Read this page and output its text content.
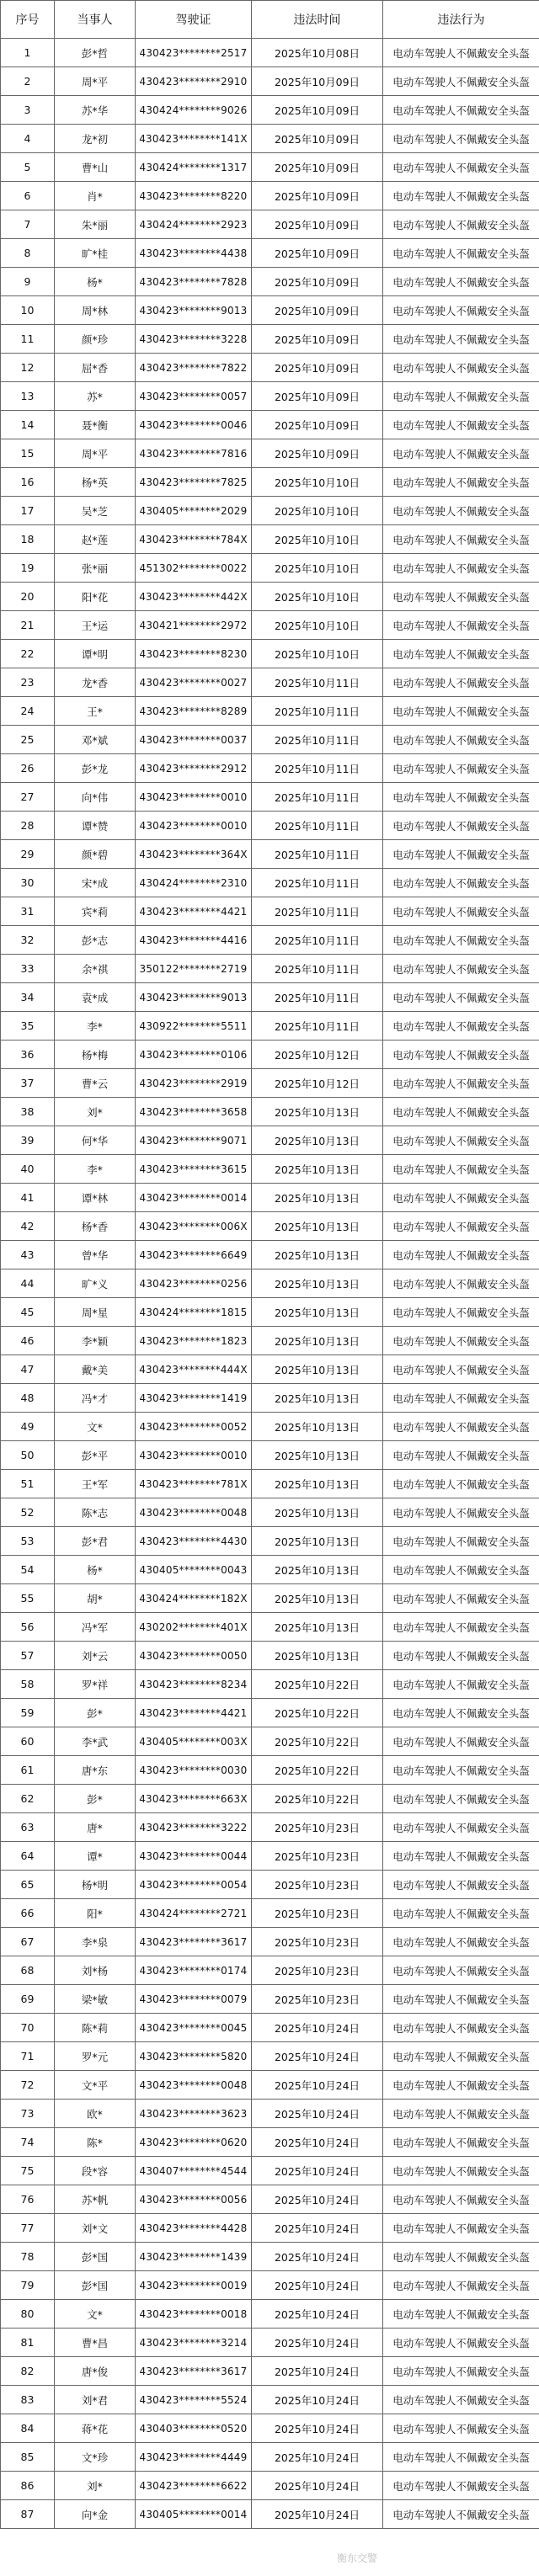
序号	当事人	驾驶证	违法时间	违法行为
1	彭*哲	430423********2517	2025年10月08日	电动车驾驶人不佩戴安全头盔
2	周*平	430423********2910	2025年10月09日	电动车驾驶人不佩戴安全头盔
3	苏*华	430424********9026	2025年10月09日	电动车驾驶人不佩戴安全头盔
4	龙*初	430423********141X	2025年10月09日	电动车驾驶人不佩戴安全头盔
5	曹*山	430424********1317	2025年10月09日	电动车驾驶人不佩戴安全头盔
6	肖*	430423********8220	2025年10月09日	电动车驾驶人不佩戴安全头盔
7	朱*丽	430424********2923	2025年10月09日	电动车驾驶人不佩戴安全头盔
8	旷*桂	430423********4438	2025年10月09日	电动车驾驶人不佩戴安全头盔
9	杨*	430423********7828	2025年10月09日	电动车驾驶人不佩戴安全头盔
10	周*林	430423********9013	2025年10月09日	电动车驾驶人不佩戴安全头盔
11	颜*珍	430423********3228	2025年10月09日	电动车驾驶人不佩戴安全头盔
12	屈*香	430423********7822	2025年10月09日	电动车驾驶人不佩戴安全头盔
13	苏*	430423********0057	2025年10月09日	电动车驾驶人不佩戴安全头盔
14	聂*衡	430423********0046	2025年10月09日	电动车驾驶人不佩戴安全头盔
15	周*平	430423********7816	2025年10月09日	电动车驾驶人不佩戴安全头盔
16	杨*英	430423********7825	2025年10月10日	电动车驾驶人不佩戴安全头盔
17	吴*芝	430405********2029	2025年10月10日	电动车驾驶人不佩戴安全头盔
18	赵*莲	430423********784X	2025年10月10日	电动车驾驶人不佩戴安全头盔
19	张*丽	451302********0022	2025年10月10日	电动车驾驶人不佩戴安全头盔
20	阳*花	430423********442X	2025年10月10日	电动车驾驶人不佩戴安全头盔
21	王*运	430421********2972	2025年10月10日	电动车驾驶人不佩戴安全头盔
22	谭*明	430423********8230	2025年10月10日	电动车驾驶人不佩戴安全头盔
23	龙*香	430423********0027	2025年10月11日	电动车驾驶人不佩戴安全头盔
24	王*	430423********8289	2025年10月11日	电动车驾驶人不佩戴安全头盔
25	邓*斌	430423********0037	2025年10月11日	电动车驾驶人不佩戴安全头盔
26	彭*龙	430423********2912	2025年10月11日	电动车驾驶人不佩戴安全头盔
27	向*伟	430423********0010	2025年10月11日	电动车驾驶人不佩戴安全头盔
28	谭*赞	430423********0010	2025年10月11日	电动车驾驶人不佩戴安全头盔
29	颜*碧	430423********364X	2025年10月11日	电动车驾驶人不佩戴安全头盔
30	宋*成	430424********2310	2025年10月11日	电动车驾驶人不佩戴安全头盔
31	宾*莉	430423********4421	2025年10月11日	电动车驾驶人不佩戴安全头盔
32	彭*志	430423********4416	2025年10月11日	电动车驾驶人不佩戴安全头盔
33	余*祺	350122********2719	2025年10月11日	电动车驾驶人不佩戴安全头盔
34	袁*成	430423********9013	2025年10月11日	电动车驾驶人不佩戴安全头盔
35	李*	430922********5511	2025年10月11日	电动车驾驶人不佩戴安全头盔
36	杨*梅	430423********0106	2025年10月12日	电动车驾驶人不佩戴安全头盔
37	曹*云	430423********2919	2025年10月12日	电动车驾驶人不佩戴安全头盔
38	刘*	430423********3658	2025年10月13日	电动车驾驶人不佩戴安全头盔
39	何*华	430423********9071	2025年10月13日	电动车驾驶人不佩戴安全头盔
40	李*	430423********3615	2025年10月13日	电动车驾驶人不佩戴安全头盔
41	谭*林	430423********0014	2025年10月13日	电动车驾驶人不佩戴安全头盔
42	杨*香	430423********006X	2025年10月13日	电动车驾驶人不佩戴安全头盔
43	曾*华	430423********6649	2025年10月13日	电动车驾驶人不佩戴安全头盔
44	旷*义	430423********0256	2025年10月13日	电动车驾驶人不佩戴安全头盔
45	周*星	430424********1815	2025年10月13日	电动车驾驶人不佩戴安全头盔
46	李*颖	430423********1823	2025年10月13日	电动车驾驶人不佩戴安全头盔
47	戴*美	430423********444X	2025年10月13日	电动车驾驶人不佩戴安全头盔
48	冯*才	430423********1419	2025年10月13日	电动车驾驶人不佩戴安全头盔
49	文*	430423********0052	2025年10月13日	电动车驾驶人不佩戴安全头盔
50	彭*平	430423********0010	2025年10月13日	电动车驾驶人不佩戴安全头盔
51	王*军	430423********781X	2025年10月13日	电动车驾驶人不佩戴安全头盔
52	陈*志	430423********0048	2025年10月13日	电动车驾驶人不佩戴安全头盔
53	彭*君	430423********4430	2025年10月13日	电动车驾驶人不佩戴安全头盔
54	杨*	430405********0043	2025年10月13日	电动车驾驶人不佩戴安全头盔
55	胡*	430424********182X	2025年10月13日	电动车驾驶人不佩戴安全头盔
56	冯*军	430202********401X	2025年10月13日	电动车驾驶人不佩戴安全头盔
57	刘*云	430423********0050	2025年10月13日	电动车驾驶人不佩戴安全头盔
58	罗*祥	430423********8234	2025年10月22日	电动车驾驶人不佩戴安全头盔
59	彭*	430423********4421	2025年10月22日	电动车驾驶人不佩戴安全头盔
60	李*武	430405********003X	2025年10月22日	电动车驾驶人不佩戴安全头盔
61	唐*东	430423********0030	2025年10月22日	电动车驾驶人不佩戴安全头盔
62	彭*	430423********663X	2025年10月22日	电动车驾驶人不佩戴安全头盔
63	唐*	430423********3222	2025年10月23日	电动车驾驶人不佩戴安全头盔
64	谭*	430423********0044	2025年10月23日	电动车驾驶人不佩戴安全头盔
65	杨*明	430423********0054	2025年10月23日	电动车驾驶人不佩戴安全头盔
66	阳*	430424********2721	2025年10月23日	电动车驾驶人不佩戴安全头盔
67	李*泉	430423********3617	2025年10月23日	电动车驾驶人不佩戴安全头盔
68	刘*杨	430423********0174	2025年10月23日	电动车驾驶人不佩戴安全头盔
69	梁*敏	430423********0079	2025年10月23日	电动车驾驶人不佩戴安全头盔
70	陈*莉	430423********0045	2025年10月24日	电动车驾驶人不佩戴安全头盔
71	罗*元	430423********5820	2025年10月24日	电动车驾驶人不佩戴安全头盔
72	文*平	430423********0048	2025年10月24日	电动车驾驶人不佩戴安全头盔
73	欧*	430423********3623	2025年10月24日	电动车驾驶人不佩戴安全头盔
74	陈*	430423********0620	2025年10月24日	电动车驾驶人不佩戴安全头盔
75	段*容	430407********4544	2025年10月24日	电动车驾驶人不佩戴安全头盔
76	苏*帆	430423********0056	2025年10月24日	电动车驾驶人不佩戴安全头盔
77	刘*文	430423********4428	2025年10月24日	电动车驾驶人不佩戴安全头盔
78	彭*国	430423********1439	2025年10月24日	电动车驾驶人不佩戴安全头盔
79	彭*国	430423********0019	2025年10月24日	电动车驾驶人不佩戴安全头盔
80	文*	430423********0018	2025年10月24日	电动车驾驶人不佩戴安全头盔
81	曹*昌	430423********3214	2025年10月24日	电动车驾驶人不佩戴安全头盔
82	唐*俊	430423********3617	2025年10月24日	电动车驾驶人不佩戴安全头盔
83	刘*君	430423********5524	2025年10月24日	电动车驾驶人不佩戴安全头盔
84	蒋*花	430403********0520	2025年10月24日	电动车驾驶人不佩戴安全头盔
85	文*珍	430423********4449	2025年10月24日	电动车驾驶人不佩戴安全头盔
86	刘*	430423********6622	2025年10月24日	电动车驾驶人不佩戴安全头盔
87	向*金	430405********0014	2025年10月24日	电动车驾驶人不佩戴安全头盔
衡东交警
